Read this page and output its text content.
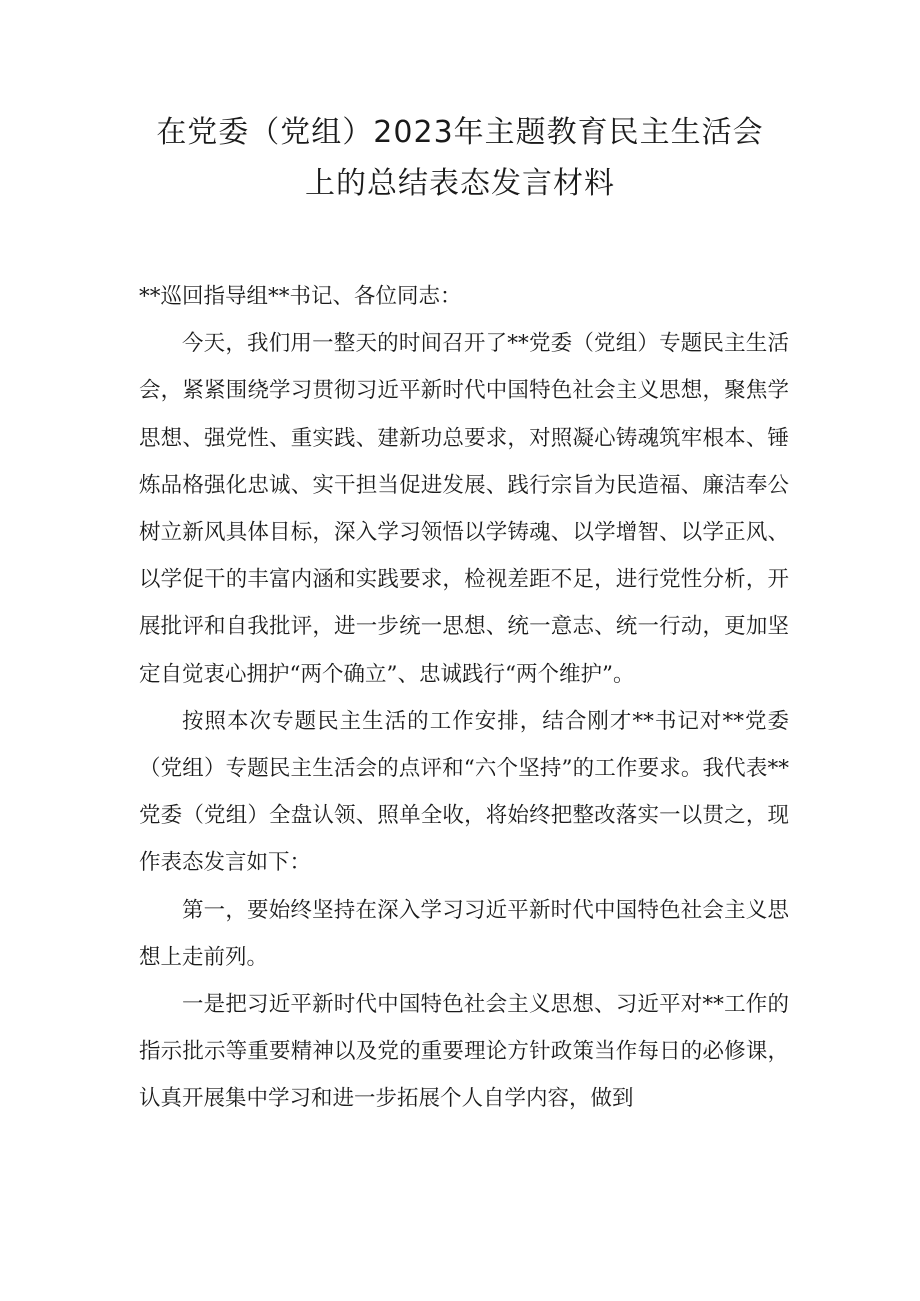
在党委（党组）2023年主题教育民主生活会
上的总结表态发言材料

**巡回指导组**书记、各位同志：

今天，我们用一整天的时间召开了**党委（党组）专题民主生活会，紧紧围绕学习贯彻习近平新时代中国特色社会主义思想，聚焦学思想、强党性、重实践、建新功总要求，对照凝心铸魂筑牢根本、锤炼品格强化忠诚、实干担当促进发展、践行宗旨为民造福、廉洁奉公树立新风具体目标，深入学习领悟以学铸魂、以学增智、以学正风、以学促干的丰富内涵和实践要求，检视差距不足，进行党性分析，开展批评和自我批评，进一步统一思想、统一意志、统一行动，更加坚定自觉衷心拥护“两个确立”、忠诚践行“两个维护”。

按照本次专题民主生活的工作安排，结合刚才**书记对**党委（党组）专题民主生活会的点评和“六个坚持”的工作要求。我代表**党委（党组）全盘认领、照单全收，将始终把整改落实一以贯之，现作表态发言如下：

第一，要始终坚持在深入学习习近平新时代中国特色社会主义思想上走前列。

一是把习近平新时代中国特色社会主义思想、习近平对**工作的指示批示等重要精神以及党的重要理论方针政策当作每日的必修课，认真开展集中学习和进一步拓展个人自学内容，做到
